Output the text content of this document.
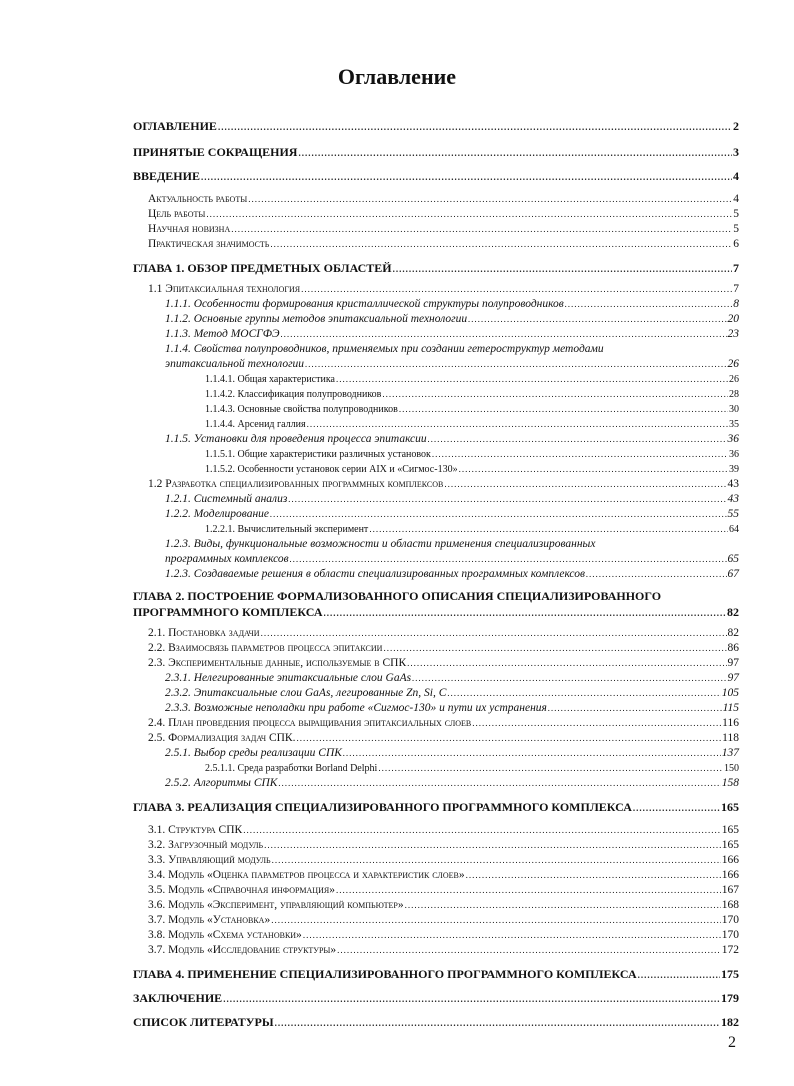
Оглавление
ОГЛАВЛЕНИЕ .....	2
ПРИНЯТЫЕ СОКРАЩЕНИЯ .....	3
ВВЕДЕНИЕ .....	4
Актуальность работы .....	4
Цель работы .....	5
Научная новизна .....	5
Практическая значимость .....	6
ГЛАВА 1. ОБЗОР ПРЕДМЕТНЫХ ОБЛАСТЕЙ .....	7
1.1 Эпитаксиальная технология .....	7
1.1.1. Особенности формирования кристаллической структуры полупроводников .....	8
1.1.2. Основные группы методов эпитаксиальной технологии .....	20
1.1.3. Метод МОСГФЭ .....	23
1.1.4. Свойства полупроводников, применяемых при создании гетероструктур методами
эпитаксиальной технологии .....	26
1.1.4.1. Общая характеристика .....	26
1.1.4.2. Классификация полупроводников .....	28
1.1.4.3. Основные свойства полупроводников .....	30
1.1.4.4. Арсенид галлия .....	35
1.1.5. Установки для проведения процесса эпитаксии .....	36
1.1.5.1. Общие характеристики различных установок .....	36
1.1.5.2. Особенности установок серии AIX и «Сигмос-130» .....	39
1.2 Разработка специализированных программных комплексов .....	43
1.2.1. Системный анализ .....	43
1.2.2. Моделирование .....	55
1.2.2.1. Вычислительный эксперимент .....	64
1.2.3. Виды, функциональные возможности и области применения специализированных
программных комплексов .....	65
1.2.3. Создаваемые решения в области специализированных программных комплексов .....	67
ГЛАВА 2. ПОСТРОЕНИЕ ФОРМАЛИЗОВАННОГО ОПИСАНИЯ СПЕЦИАЛИЗИРОВАННОГО
ПРОГРАММНОГО КОМПЛЕКСА .....	82
2.1. Постановка задачи .....	82
2.2. Взаимосвязь параметров процесса эпитаксии .....	86
2.3. Экспериментальные данные, используемые в СПК .....	97
2.3.1. Нелегированные эпитаксиальные слои GaAs .....	97
2.3.2. Эпитаксиальные слои GaAs, легированные Zn, Si, C .....	105
2.3.3. Возможные неполадки при работе «Сигмос-130» и пути их устранения .....	115
2.4. План проведения процесса выращивания эпитаксиальных слоев .....	116
2.5. Формализация задач СПК. .....	118
2.5.1. Выбор среды реализации СПК .....	137
2.5.1.1. Среда разработки Borland Delphi .....	150
2.5.2. Алгоритмы СПК .....	158
ГЛАВА 3. РЕАЛИЗАЦИЯ СПЕЦИАЛИЗИРОВАННОГО ПРОГРАММНОГО КОМПЛЕКСА .....	165
3.1. Структура СПК .....	165
3.2. Загрузочный модуль .....	165
3.3. Управляющий модуль .....	166
3.4. Модуль «Оценка параметров процесса и характеристик слоев» .....	166
3.5. Модуль «Справочная информация» .....	167
3.6. Модуль «Эксперимент, управляющий компьютер» .....	168
3.7. Модуль «Установка» .....	170
3.8. Модуль «Схема установки» .....	170
3.7. Модуль «Исследование структуры» .....	172
ГЛАВА 4. ПРИМЕНЕНИЕ СПЕЦИАЛИЗИРОВАННОГО ПРОГРАММНОГО КОМПЛЕКСА .....	175
ЗАКЛЮЧЕНИЕ .....	179
СПИСОК ЛИТЕРАТУРЫ .....	182
2
